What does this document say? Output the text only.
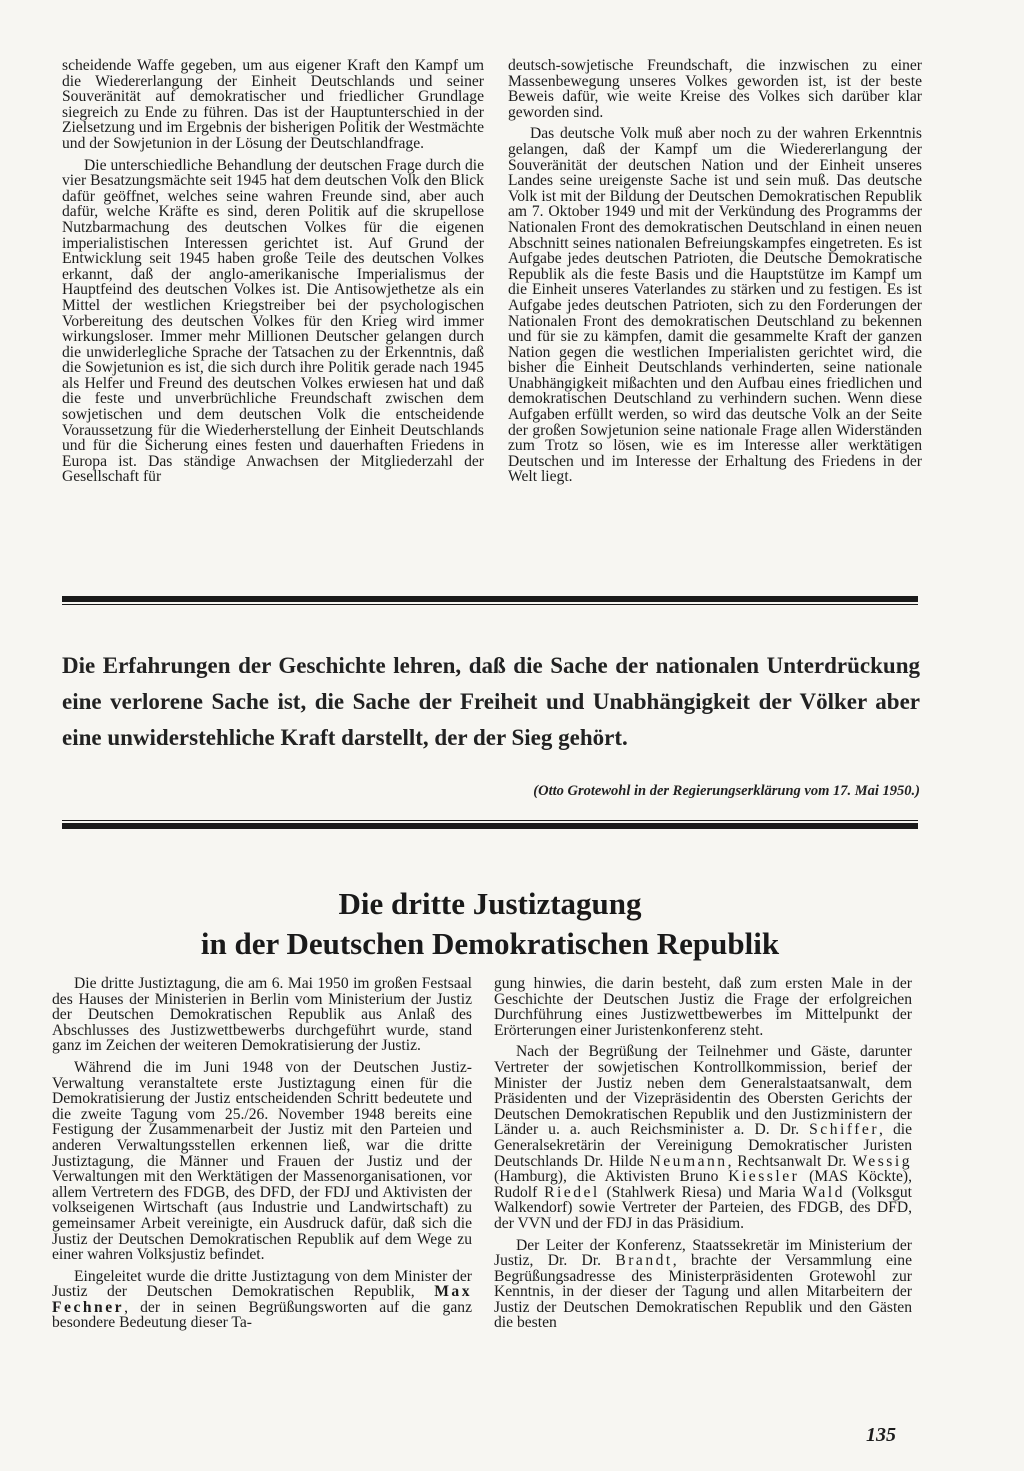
scheidende Waffe gegeben, um aus eigener Kraft den Kampf um die Wiedererlangung der Einheit Deutschlands und seiner Souveränität auf demokratischer und friedlicher Grundlage siegreich zu Ende zu führen. Das ist der Hauptunterschied in der Zielsetzung und im Ergebnis der bisherigen Politik der Westmächte und der Sowjetunion in der Lösung der Deutschlandfrage.

Die unterschiedliche Behandlung der deutschen Frage durch die vier Besatzungsmächte seit 1945 hat dem deutschen Volk den Blick dafür geöffnet, welches seine wahren Freunde sind, aber auch dafür, welche Kräfte es sind, deren Politik auf die skrupellose Nutzbarmachung des deutschen Volkes für die eigenen imperialistischen Interessen gerichtet ist. Auf Grund der Entwicklung seit 1945 haben große Teile des deutschen Volkes erkannt, daß der anglo-amerikanische Imperialismus der Hauptfeind des deutschen Volkes ist. Die Antisowjethetze als ein Mittel der westlichen Kriegstreiber bei der psychologischen Vorbereitung des deutschen Volkes für den Krieg wird immer wirkungsloser. Immer mehr Millionen Deutscher gelangen durch die unwiderlegliche Sprache der Tatsachen zu der Erkenntnis, daß die Sowjetunion es ist, die sich durch ihre Politik gerade nach 1945 als Helfer und Freund des deutschen Volkes erwiesen hat und daß die feste und unverbrüchliche Freundschaft zwischen dem sowjetischen und dem deutschen Volk die entscheidende Voraussetzung für die Wiederherstellung der Einheit Deutschlands und für die Sicherung eines festen und dauerhaften Friedens in Europa ist. Das ständige Anwachsen der Mitgliederzahl der Gesellschaft für

deutsch-sowjetische Freundschaft, die inzwischen zu einer Massenbewegung unseres Volkes geworden ist, ist der beste Beweis dafür, wie weite Kreise des Volkes sich darüber klar geworden sind.

Das deutsche Volk muß aber noch zu der wahren Erkenntnis gelangen, daß der Kampf um die Wiedererlangung der Souveränität der deutschen Nation und der Einheit unseres Landes seine ureigenste Sache ist und sein muß. Das deutsche Volk ist mit der Bildung der Deutschen Demokratischen Republik am 7. Oktober 1949 und mit der Verkündung des Programms der Nationalen Front des demokratischen Deutschland in einen neuen Abschnitt seines nationalen Befreiungskampfes eingetreten. Es ist Aufgabe jedes deutschen Patrioten, die Deutsche Demokratische Republik als die feste Basis und die Hauptstütze im Kampf um die Einheit unseres Vaterlandes zu stärken und zu festigen. Es ist Aufgabe jedes deutschen Patrioten, sich zu den Forderungen der Nationalen Front des demokratischen Deutschland zu bekennen und für sie zu kämpfen, damit die gesammelte Kraft der ganzen Nation gegen die westlichen Imperialisten gerichtet wird, die bisher die Einheit Deutschlands verhinderten, seine nationale Unabhängigkeit mißachten und den Aufbau eines friedlichen und demokratischen Deutschland zu verhindern suchen. Wenn diese Aufgaben erfüllt werden, so wird das deutsche Volk an der Seite der großen Sowjetunion seine nationale Frage allen Widerständen zum Trotz so lösen, wie es im Interesse aller werktätigen Deutschen und im Interesse der Erhaltung des Friedens in der Welt liegt.

Die Erfahrungen der Geschichte lehren, daß die Sache der nationalen Unterdrückung eine verlorene Sache ist, die Sache der Freiheit und Unabhängigkeit der Völker aber eine unwiderstehliche Kraft darstellt, der der Sieg gehört.
(Otto Grotewohl in der Regierungserklärung vom 17. Mai 1950.)
Die dritte Justiztagung
in der Deutschen Demokratischen Republik

Die dritte Justiztagung, die am 6. Mai 1950 im großen Festsaal des Hauses der Ministerien in Berlin vom Ministerium der Justiz der Deutschen Demokratischen Republik aus Anlaß des Abschlusses des Justizwettbewerbs durchgeführt wurde, stand ganz im Zeichen der weiteren Demokratisierung der Justiz.

Während die im Juni 1948 von der Deutschen Justiz-Verwaltung veranstaltete erste Justiztagung einen für die Demokratisierung der Justiz entscheidenden Schritt bedeutete und die zweite Tagung vom 25./26. November 1948 bereits eine Festigung der Zusammenarbeit der Justiz mit den Parteien und anderen Verwaltungsstellen erkennen ließ, war die dritte Justiztagung, die Männer und Frauen der Justiz und der Verwaltungen mit den Werktätigen der Massenorganisationen, vor allem Vertretern des FDGB, des DFD, der FDJ und Aktivisten der volkseigenen Wirtschaft (aus Industrie und Landwirtschaft) zu gemeinsamer Arbeit vereinigte, ein Ausdruck dafür, daß sich die Justiz der Deutschen Demokratischen Republik auf dem Wege zu einer wahren Volksjustiz befindet.

Eingeleitet wurde die dritte Justiztagung von dem Minister der Justiz der Deutschen Demokratischen Republik, Max Fechner, der in seinen Begrüßungsworten auf die ganz besondere Bedeutung dieser Ta-

gung hinwies, die darin besteht, daß zum ersten Male in der Geschichte der Deutschen Justiz die Frage der erfolgreichen Durchführung eines Justizwettbewerbes im Mittelpunkt der Erörterungen einer Juristenkonferenz steht.

Nach der Begrüßung der Teilnehmer und Gäste, darunter Vertreter der sowjetischen Kontrollkommission, berief der Minister der Justiz neben dem Generalstaatsanwalt, dem Präsidenten und der Vizepräsidentin des Obersten Gerichts der Deutschen Demokratischen Republik und den Justizministern der Länder u. a. auch Reichsminister a. D. Dr. Schiffer, die Generalsekretärin der Vereinigung Demokratischer Juristen Deutschlands Dr. Hilde Neumann, Rechtsanwalt Dr. Wessig (Hamburg), die Aktivisten Bruno Kiessler (MAS Köckte), Rudolf Riedel (Stahlwerk Riesa) und Maria Wald (Volksgut Walkendorf) sowie Vertreter der Parteien, des FDGB, des DFD, der VVN und der FDJ in das Präsidium.

Der Leiter der Konferenz, Staatssekretär im Ministerium der Justiz, Dr. Dr. Brandt, brachte der Versammlung eine Begrüßungsadresse des Ministerpräsidenten Grotewohl zur Kenntnis, in der dieser der Tagung und allen Mitarbeitern der Justiz der Deutschen Demokratischen Republik und den Gästen die besten

135
